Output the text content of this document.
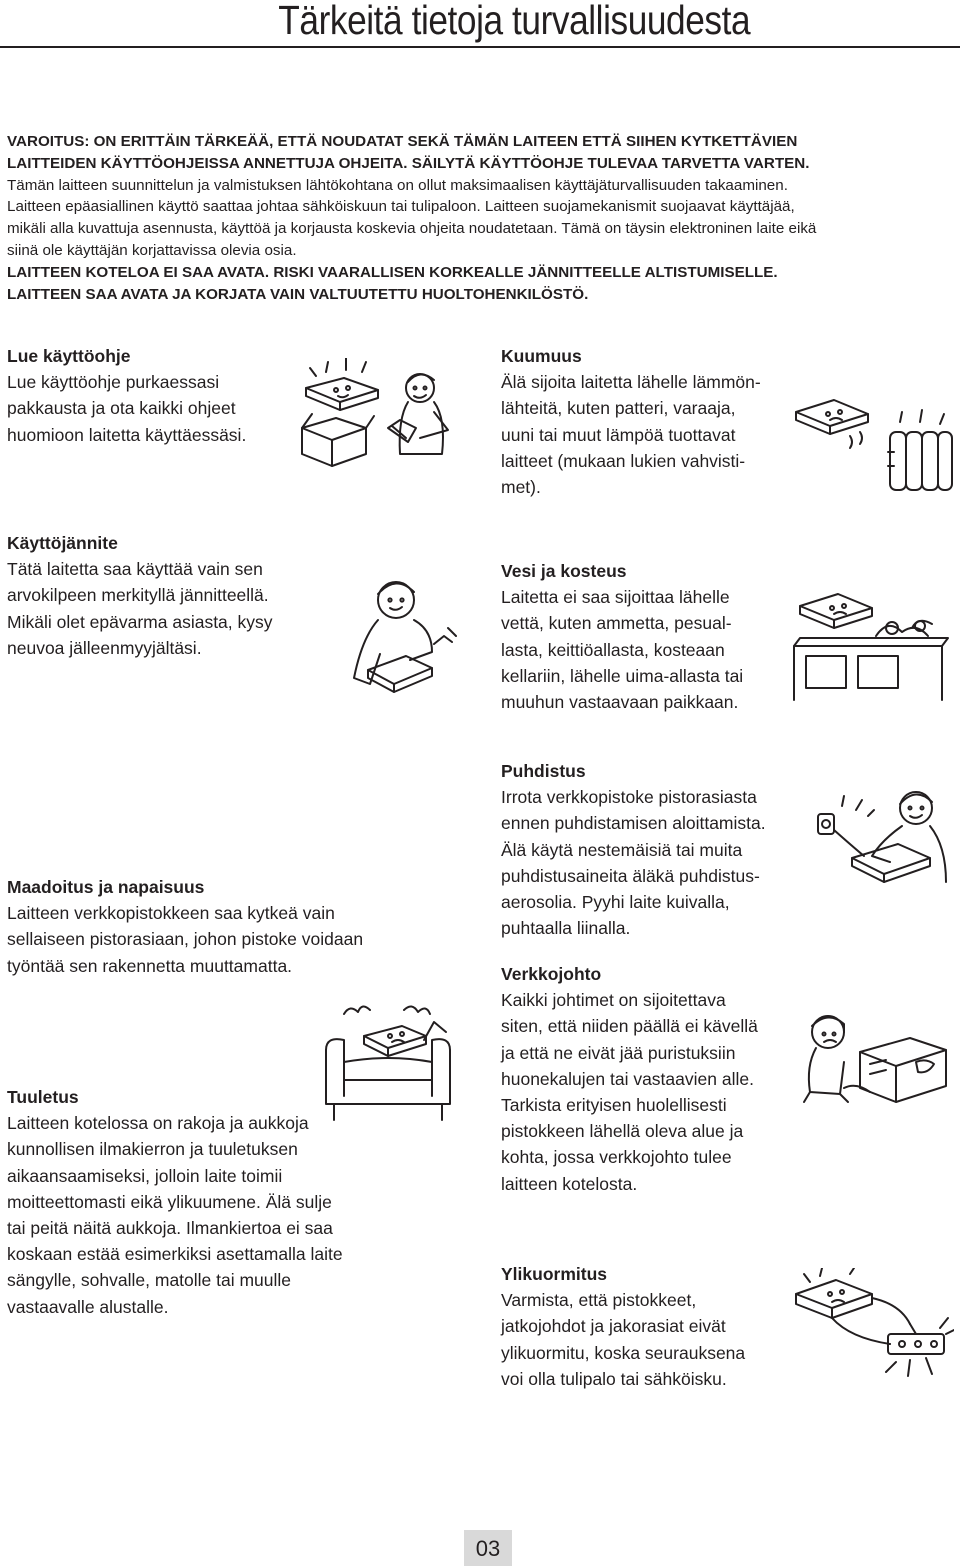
Tärkeitä tietoja turvallisuudesta
VAROITUS: ON ERITTÄIN TÄRKEÄÄ, ETTÄ NOUDATAT SEKÄ TÄMÄN LAITEEN ETTÄ SIIHEN KYTKETTÄVIEN
LAITTEIDEN KÄYTTÖOHJEISSA ANNETTUJA OHJEITA. SÄILYTÄ KÄYTTÖOHJE TULEVAA TARVETTA VARTEN.
Tämän laitteen suunnittelun ja valmistuksen lähtökohtana on ollut maksimaalisen käyttäjäturvallisuuden takaaminen.
Laitteen epäasiallinen käyttö saattaa johtaa sähköiskuun tai tulipaloon. Laitteen suojamekanismit suojaavat käyttäjää,
mikäli alla kuvattuja asennusta, käyttöä ja korjausta koskevia ohjeita noudatetaan. Tämä on täysin elektroninen laite eikä
siinä ole käyttäjän korjattavissa olevia osia.
LAITTEEN KOTELOA EI SAA AVATA. RISKI VAARALLISEN KORKEALLE JÄNNITTEELLE ALTISTUMISELLE.
LAITTEEN SAA AVATA JA KORJATA VAIN VALTUUTETTU HUOLTOHENKILÖSTÖ.
Lue käyttöohje
Lue käyttöohje purkaessasi
pakkausta ja ota kaikki ohjeet
huomioon laitetta käyttäessäsi.
Kuumuus
Älä sijoita laitetta lähelle lämmön-
lähteitä, kuten patteri, varaaja,
uuni tai muut lämpöä tuottavat
laitteet (mukaan lukien vahvisti-
met).
Käyttöjännite
Tätä laitetta saa käyttää vain sen
arvokilpeen merkityllä jännitteellä.
Mikäli olet epävarma asiasta, kysy
neuvoa jälleenmyyjältäsi.
Vesi ja kosteus
Laitetta ei saa sijoittaa lähelle
vettä, kuten ammetta, pesual-
lasta, keittiöallasta, kosteaan
kellariin, lähelle uima-allasta tai
muuhun vastaavaan paikkaan.
Puhdistus
Irrota verkkopistoke pistorasiasta
ennen puhdistamisen aloittamista.
Älä käytä nestemäisiä tai muita
puhdistusaineita äläkä puhdistus-
aerosolia. Pyyhi laite kuivalla,
puhtaalla liinalla.
Maadoitus ja napaisuus
Laitteen verkkopistokkeen saa kytkeä vain
sellaiseen pistorasiaan, johon pistoke voidaan
työntää sen rakennetta muuttamatta.	Verkkojohto
Kaikki johtimet on sijoitettava
siten, että niiden päällä ei kävellä
ja että ne eivät jää puristuksiin
huonekalujen tai vastaavien alle.
Tarkista erityisen huolellisesti
pistokkeen lähellä oleva alue ja
kohta, jossa verkkojohto tulee
laitteen kotelosta.
Tuuletus
Laitteen kotelossa on rakoja ja aukkoja
kunnollisen ilmakierron ja tuuletuksen
aikaansaamiseksi, jolloin laite toimii
moitteettomasti eikä ylikuumene. Älä sulje
tai peitä näitä aukkoja. Ilmankiertoa ei saa
koskaan estää esimerkiksi asettamalla laite
sängylle, sohvalle, matolle tai muulle
vastaavalle alustalle.
Ylikuormitus
Varmista, että pistokkeet,
jatkojohdot ja jakorasiat eivät
ylikuormitu, koska seurauksena
voi olla tulipalo tai sähköisku.
03
